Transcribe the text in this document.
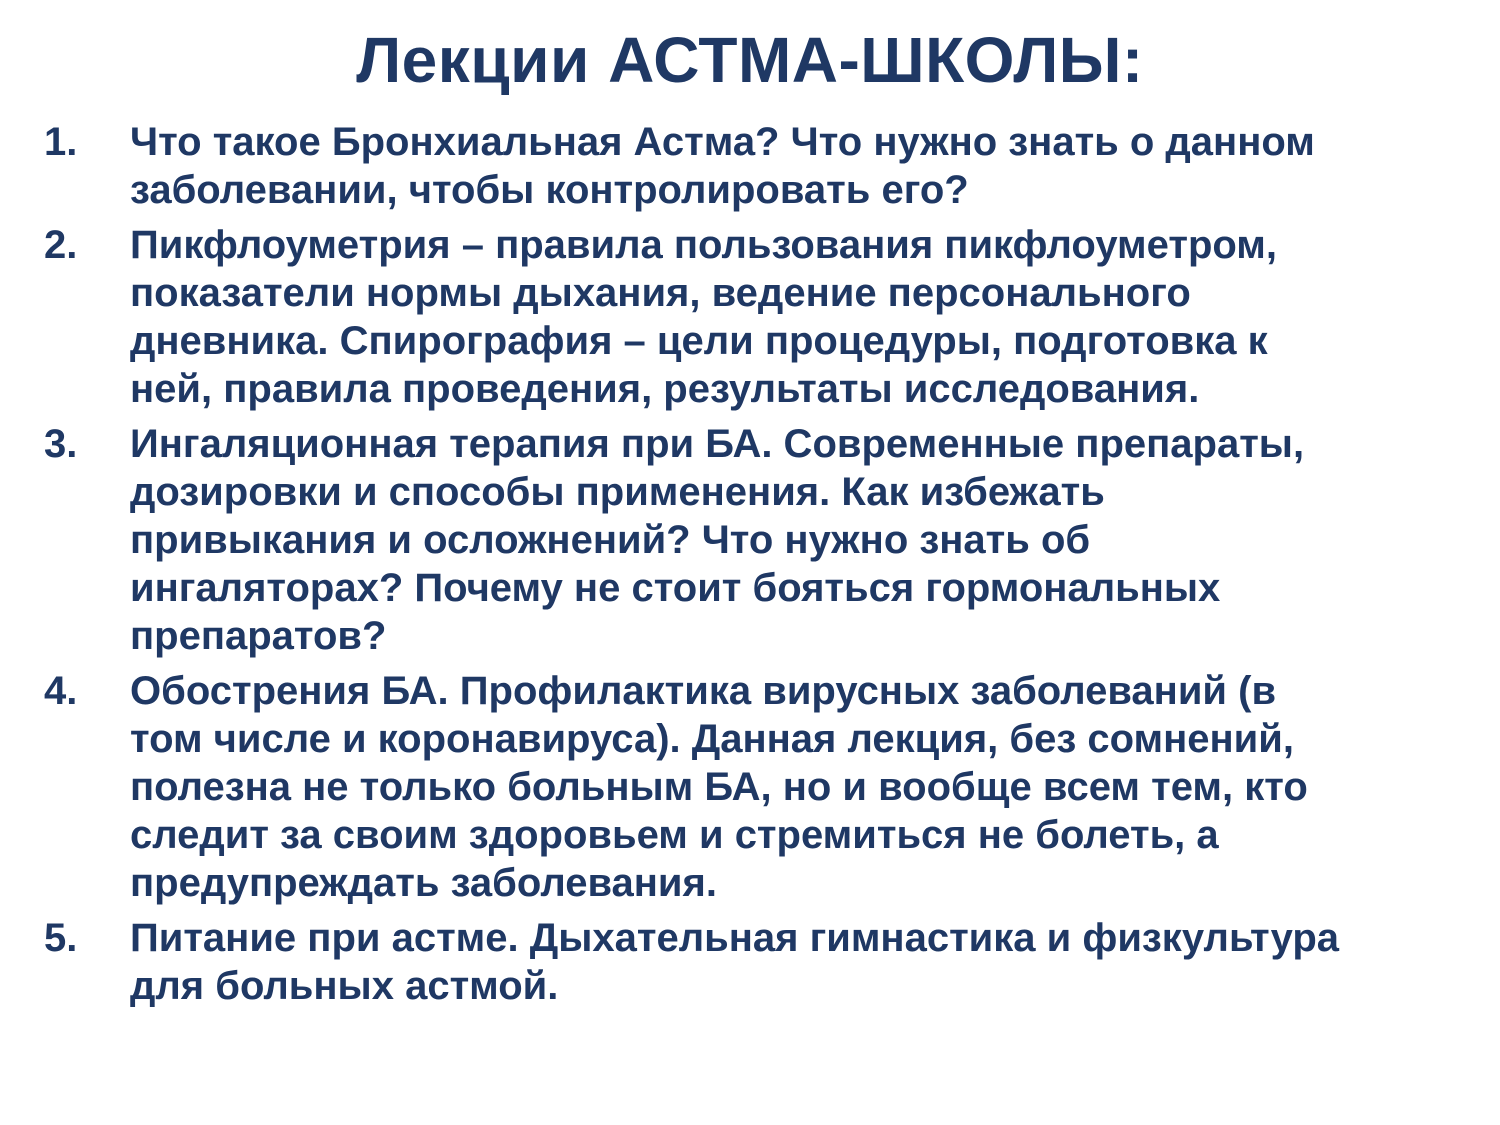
Лекции АСТМА-ШКОЛЫ:
1.	Что такое Бронхиальная Астма? Что нужно знать о данном
заболевании, чтобы контролировать его?
2.	Пикфлоуметрия – правила пользования пикфлоуметром,
показатели нормы дыхания, ведение персонального
дневника. Спирография – цели процедуры, подготовка к
ней, правила проведения, результаты исследования.
3.	Ингаляционная терапия при БА. Современные препараты,
дозировки и способы применения. Как избежать
привыкания и осложнений? Что нужно знать об
ингаляторах? Почему не стоит бояться гормональных
препаратов?
4.	Обострения БА. Профилактика вирусных заболеваний (в
том числе и коронавируса). Данная лекция, без сомнений,
полезна не только больным БА, но и вообще всем тем, кто
следит за своим здоровьем и стремиться не болеть, а
предупреждать заболевания.
5.	Питание при астме. Дыхательная гимнастика и физкультура
для больных астмой.
